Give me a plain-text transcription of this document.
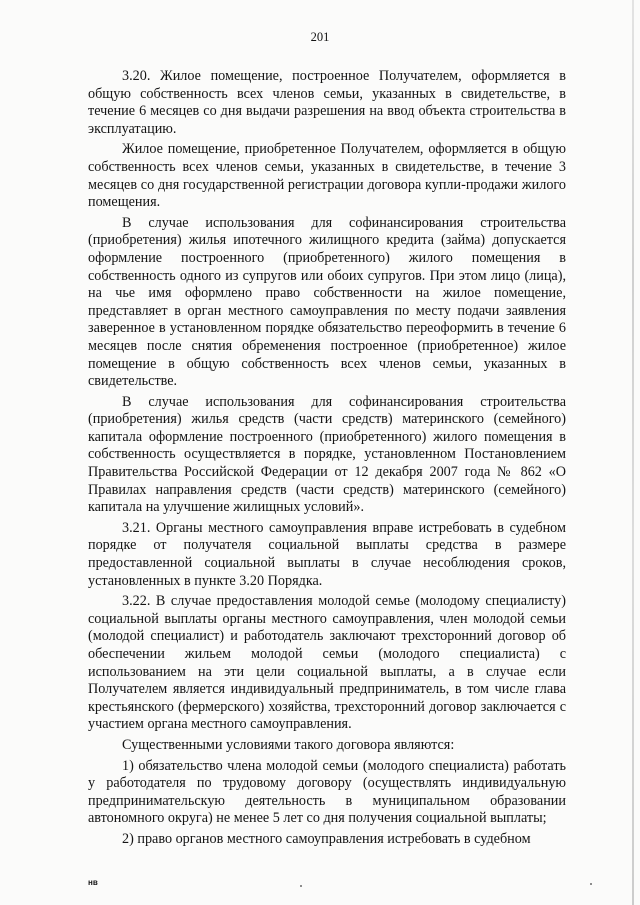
201

3.20. Жилое помещение, построенное Получателем, оформляется в общую собственность всех членов семьи, указанных в свидетельстве, в течение 6 месяцев со дня выдачи разрешения на ввод объекта строительства в эксплуатацию.

Жилое помещение, приобретенное Получателем, оформляется в общую собственность всех членов семьи, указанных в свидетельстве, в течение 3 месяцев со дня государственной регистрации договора купли-продажи жилого помещения.

В случае использования для софинансирования строительства (приобретения) жилья ипотечного жилищного кредита (займа) допускается оформление построенного (приобретенного) жилого помещения в собственность одного из супругов или обоих супругов. При этом лицо (лица), на чье имя оформлено право собственности на жилое помещение, представляет в орган местного самоуправления по месту подачи заявления заверенное в установленном порядке обязательство переоформить в течение 6 месяцев после снятия обременения построенное (приобретенное) жилое помещение в общую собственность всех членов семьи, указанных в свидетельстве.

В случае использования для софинансирования строительства (приобретения) жилья средств (части средств) материнского (семейного) капитала оформление построенного (приобретенного) жилого помещения в собственность осуществляется в порядке, установленном Постановлением Правительства Российской Федерации от 12 декабря 2007 года № 862 «О Правилах направления средств (части средств) материнского (семейного) капитала на улучшение жилищных условий».

3.21. Органы местного самоуправления вправе истребовать в судебном порядке от получателя социальной выплаты средства в размере предоставленной социальной выплаты в случае несоблюдения сроков, установленных в пункте 3.20 Порядка.

3.22. В случае предоставления молодой семье (молодому специалисту) социальной выплаты органы местного самоуправления, член молодой семьи (молодой специалист) и работодатель заключают трехсторонний договор об обеспечении жильем молодой семьи (молодого специалиста) с использованием на эти цели социальной выплаты, а в случае если Получателем является индивидуальный предприниматель, в том числе глава крестьянского (фермерского) хозяйства, трехсторонний договор заключается с участием органа местного самоуправления.

Существенными условиями такого договора являются:

1) обязательство члена молодой семьи (молодого специалиста) работать у работодателя по трудовому договору (осуществлять индивидуальную предпринимательскую деятельность в муниципальном образовании автономного округа) не менее 5 лет со дня получения социальной выплаты;

2) право органов местного самоуправления истребовать в судебном

нв
